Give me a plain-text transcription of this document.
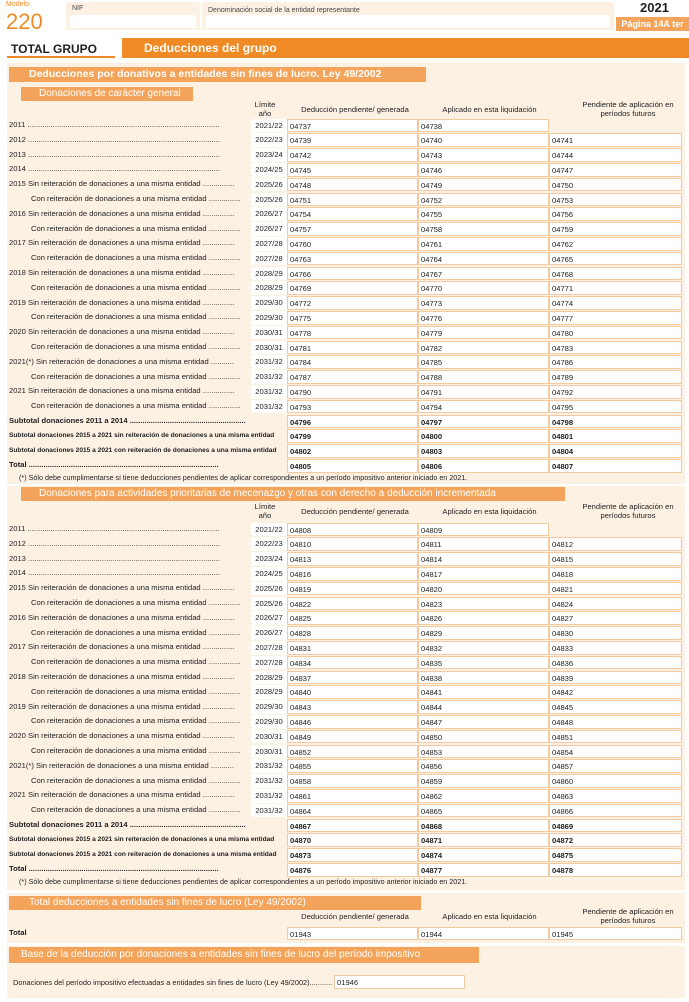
Modelo
220
NIF	Denominación social de la entidad representante	2021
Página 14A ter
TOTAL GRUPO	Deducciones del grupo
Deducciones por donativos a entidades sin fines de lucro. Ley 49/2002
Donaciones de carácter general
Límite año	Deducción pendiente/ generada	Aplicado en esta liquidación
Pendiente de aplicación en períodos futuros
2011 ...........................................................................................	2021/22 04737	04738
2012 ...........................................................................................	2022/23 04739	04740	04741
2013 ...........................................................................................	2023/24 04742	04743	04744
2014 ...........................................................................................	2024/25 04745	04746	04747
2015 Sin reiteración de donaciones a una misma entidad ...............	2025/26 04748	04749	04750
Con reiteración de donaciones a una misma entidad ...............	2025/26 04751	04752	04753
2016 Sin reiteración de donaciones a una misma entidad ...............	2026/27 04754	04755	04756
Con reiteración de donaciones a una misma entidad ...............	2026/27 04757	04758	04759
2017 Sin reiteración de donaciones a una misma entidad ...............	2027/28 04760	04761	04762
Con reiteración de donaciones a una misma entidad ...............	2027/28 04763	04764	04765
2018 Sin reiteración de donaciones a una misma entidad ...............	2028/29 04766	04767	04768
Con reiteración de donaciones a una misma entidad ...............	2028/29 04769	04770	04771
2019 Sin reiteración de donaciones a una misma entidad ...............	2029/30 04772	04773	04774
Con reiteración de donaciones a una misma entidad ...............	2029/30 04775	04776	04777
2020 Sin reiteración de donaciones a una misma entidad ...............	2030/31 04778	04779	04780
Con reiteración de donaciones a una misma entidad ...............	2030/31 04781	04782	04783
2021(*) Sin reiteración de donaciones a una misma entidad ...........	2031/32 04784	04785	04786
Con reiteración de donaciones a una misma entidad ...............	2031/32 04787	04788	04789
2021 Sin reiteración de donaciones a una misma entidad ...............	2031/32 04790	04791	04792
Con reiteración de donaciones a una misma entidad ...............	2031/32 04793	04794	04795
Subtotal donaciones 2011 a 2014 .......................................................	04796	04797	04798
Subtotal donaciones 2015 a 2021 sin reiteración de donaciones a una misma entidad	04799	04800	04801
Subtotal donaciones 2015 a 2021 con reiteración de donaciones a una misma entidad	04802	04803	04804
Total ..........................................................................................	04805	04806	04807
(*) Sólo debe cumplimentarse si tiene deducciones pendientes de aplicar correspondientes a un período impositivo anterior iniciado en 2021.
Donaciones para actividades prioritarias de mecenazgo y otras con derecho a deducción incrementada
Límite año	Deducción pendiente/ generada	Aplicado en esta liquidación
Pendiente de aplicación en períodos futuros
2011 ...........................................................................................	2021/22 04808	04809
2012 ...........................................................................................	2022/23 04810	04811	04812
2013 ...........................................................................................	2023/24 04813	04814	04815
2014 ...........................................................................................	2024/25 04816	04817	04818
2015 Sin reiteración de donaciones a una misma entidad ...............	2025/26 04819	04820	04821
Con reiteración de donaciones a una misma entidad ...............	2025/26 04822	04823	04824
2016 Sin reiteración de donaciones a una misma entidad ...............	2026/27 04825	04826	04827
Con reiteración de donaciones a una misma entidad ...............	2026/27 04828	04829	04830
2017 Sin reiteración de donaciones a una misma entidad ...............	2027/28 04831	04832	04833
Con reiteración de donaciones a una misma entidad ...............	2027/28 04834	04835	04836
2018 Sin reiteración de donaciones a una misma entidad ...............	2028/29 04837	04838	04839
Con reiteración de donaciones a una misma entidad ...............	2028/29 04840	04841	04842
2019 Sin reiteración de donaciones a una misma entidad ...............	2029/30 04843	04844	04845
Con reiteración de donaciones a una misma entidad ...............	2029/30 04846	04847	04848
2020 Sin reiteración de donaciones a una misma entidad ...............	2030/31 04849	04850	04851
Con reiteración de donaciones a una misma entidad ...............	2030/31 04852	04853	04854
2021(*) Sin reiteración de donaciones a una misma entidad ...........	2031/32 04855	04856	04857
Con reiteración de donaciones a una misma entidad ...............	2031/32 04858	04859	04860
2021 Sin reiteración de donaciones a una misma entidad ...............	2031/32 04861	04862	04863
Con reiteración de donaciones a una misma entidad ...............	2031/32 04864	04865	04866
Subtotal donaciones 2011 a 2014 .......................................................	04867	04868	04869
Subtotal donaciones 2015 a 2021 sin reiteración de donaciones a una misma entidad	04870	04871	04872
Subtotal donaciones 2015 a 2021 con reiteración de donaciones a una misma entidad	04873	04874	04875
Total ..........................................................................................	04876	04877	04878
(*) Sólo debe cumplimentarse si tiene deducciones pendientes de aplicar correspondientes a un período impositivo anterior iniciado en 2021.
Total deducciones a entidades sin fines de lucro (Ley 49/2002)
Deducción pendiente/ generada	Aplicado en esta liquidación
Pendiente de aplicación en períodos futuros
Total	01943	01944	01945
Base de la deducción por donaciones a entidades sin fines de lucro del período impositivo
Donaciones del período impositivo efectuadas a entidades sin fines de lucro (Ley 49/2002)........... 01946
